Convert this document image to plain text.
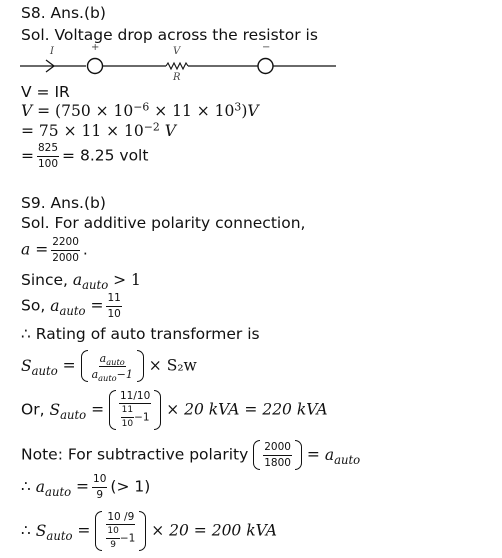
S8. Ans.(b)
Sol. Voltage drop across the resistor is
I	+	V
R
−
V = IR
$V = (750 \times 10^{-6} \times 11 \times 10^3)V$
= $75 \times 11 \times 10^{-2}$ V
= $\frac{825}{100} = 8.25$ volt
S9. Ans.(b)
Sol. For additive polarity connection,
$a = \frac{2200}{2000}$ .
Since, $a_{auto} > 1$
So, $a_{auto} = \frac{11}{10}$
∴ Rating of auto transformer is
$S_{auto} = \frac{a_{auto}}{a_{auto}-1} \times S_2w$
Or, $S_{auto} = \frac{11/10}{\frac{11}{10} -1} \times 20$ kVA = 220 kVA
Note: For subtractive polarity $\frac{2000}{1800} = a_{auto}$
∴ $a_{auto} = \frac{10}{9}$ (> 1)
∴ $S_{auto} = \frac{10 /9}{\frac{10}{9} -1} \times 20 = 200$ kVA
